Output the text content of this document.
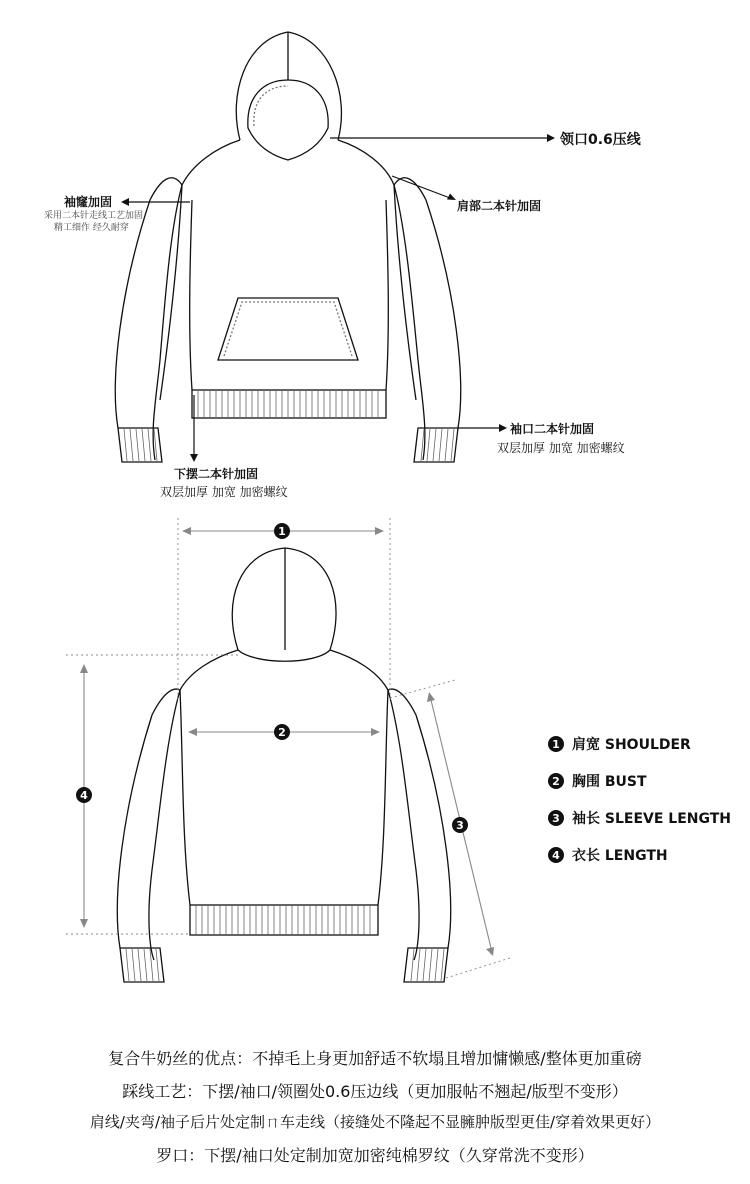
1
2
3
4
领口0.6压线
袖窿加固
采用二本针走线工艺加固
精工细作 经久耐穿
肩部二本针加固
袖口二本针加固
双层加厚 加宽 加密螺纹
下摆二本针加固
双层加厚 加宽 加密螺纹
1 肩宽 SHOULDER
2 胸围 BUST
3 袖长 SLEEVE LENGTH
4 衣长 LENGTH
复合牛奶丝的优点：不掉毛上身更加舒适不软塌且增加慵懒感/整体更加重磅
踩线工艺：下摆/袖口/领圈处0.6压边线（更加服帖不翘起/版型不变形）
肩线/夹弯/袖子后片处定制ㄇ车走线（接缝处不隆起不显臃肿版型更佳/穿着效果更好）
罗口：下摆/袖口处定制加宽加密纯棉罗纹（久穿常洗不变形）
